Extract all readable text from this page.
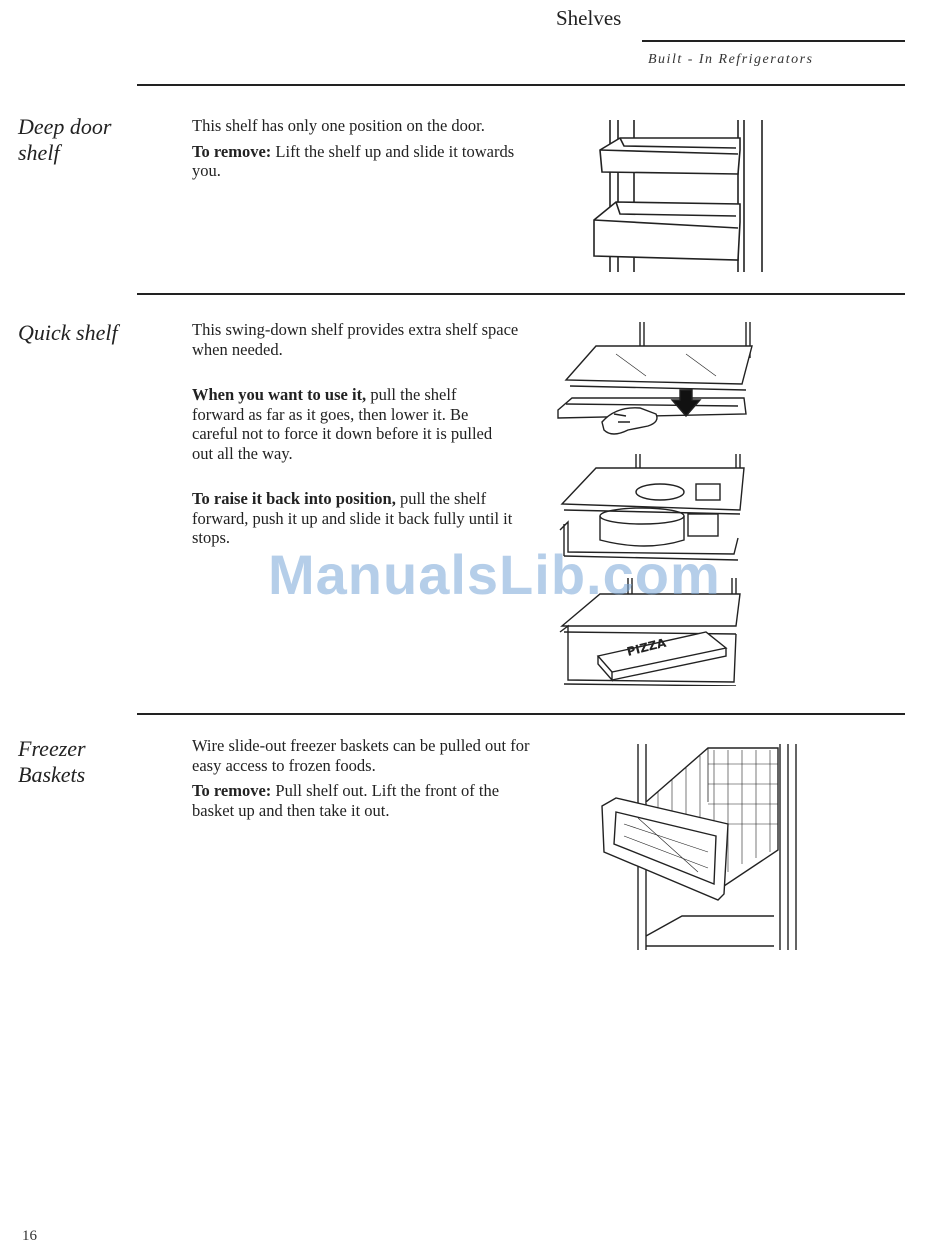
Shelves
Built - In Refrigerators
Deep door shelf

This shelf has only one position on the door.

To remove: Lift the shelf up and slide it towards you.

Quick shelf	This swing-down shelf provides extra shelf space when needed.

When you want to use it, pull the shelf forward as far as it goes, then lower it. Be careful not to force it down before it is pulled out all the way.

To raise it back into position, pull the shelf forward, push it up and slide it back fully until it stops.

PIZZA
Freezer Baskets

Wire slide-out freezer baskets can be pulled out for easy access to frozen foods.

To remove: Pull shelf out. Lift the front of the basket up and then take it out.

ManualsLib.com
16
